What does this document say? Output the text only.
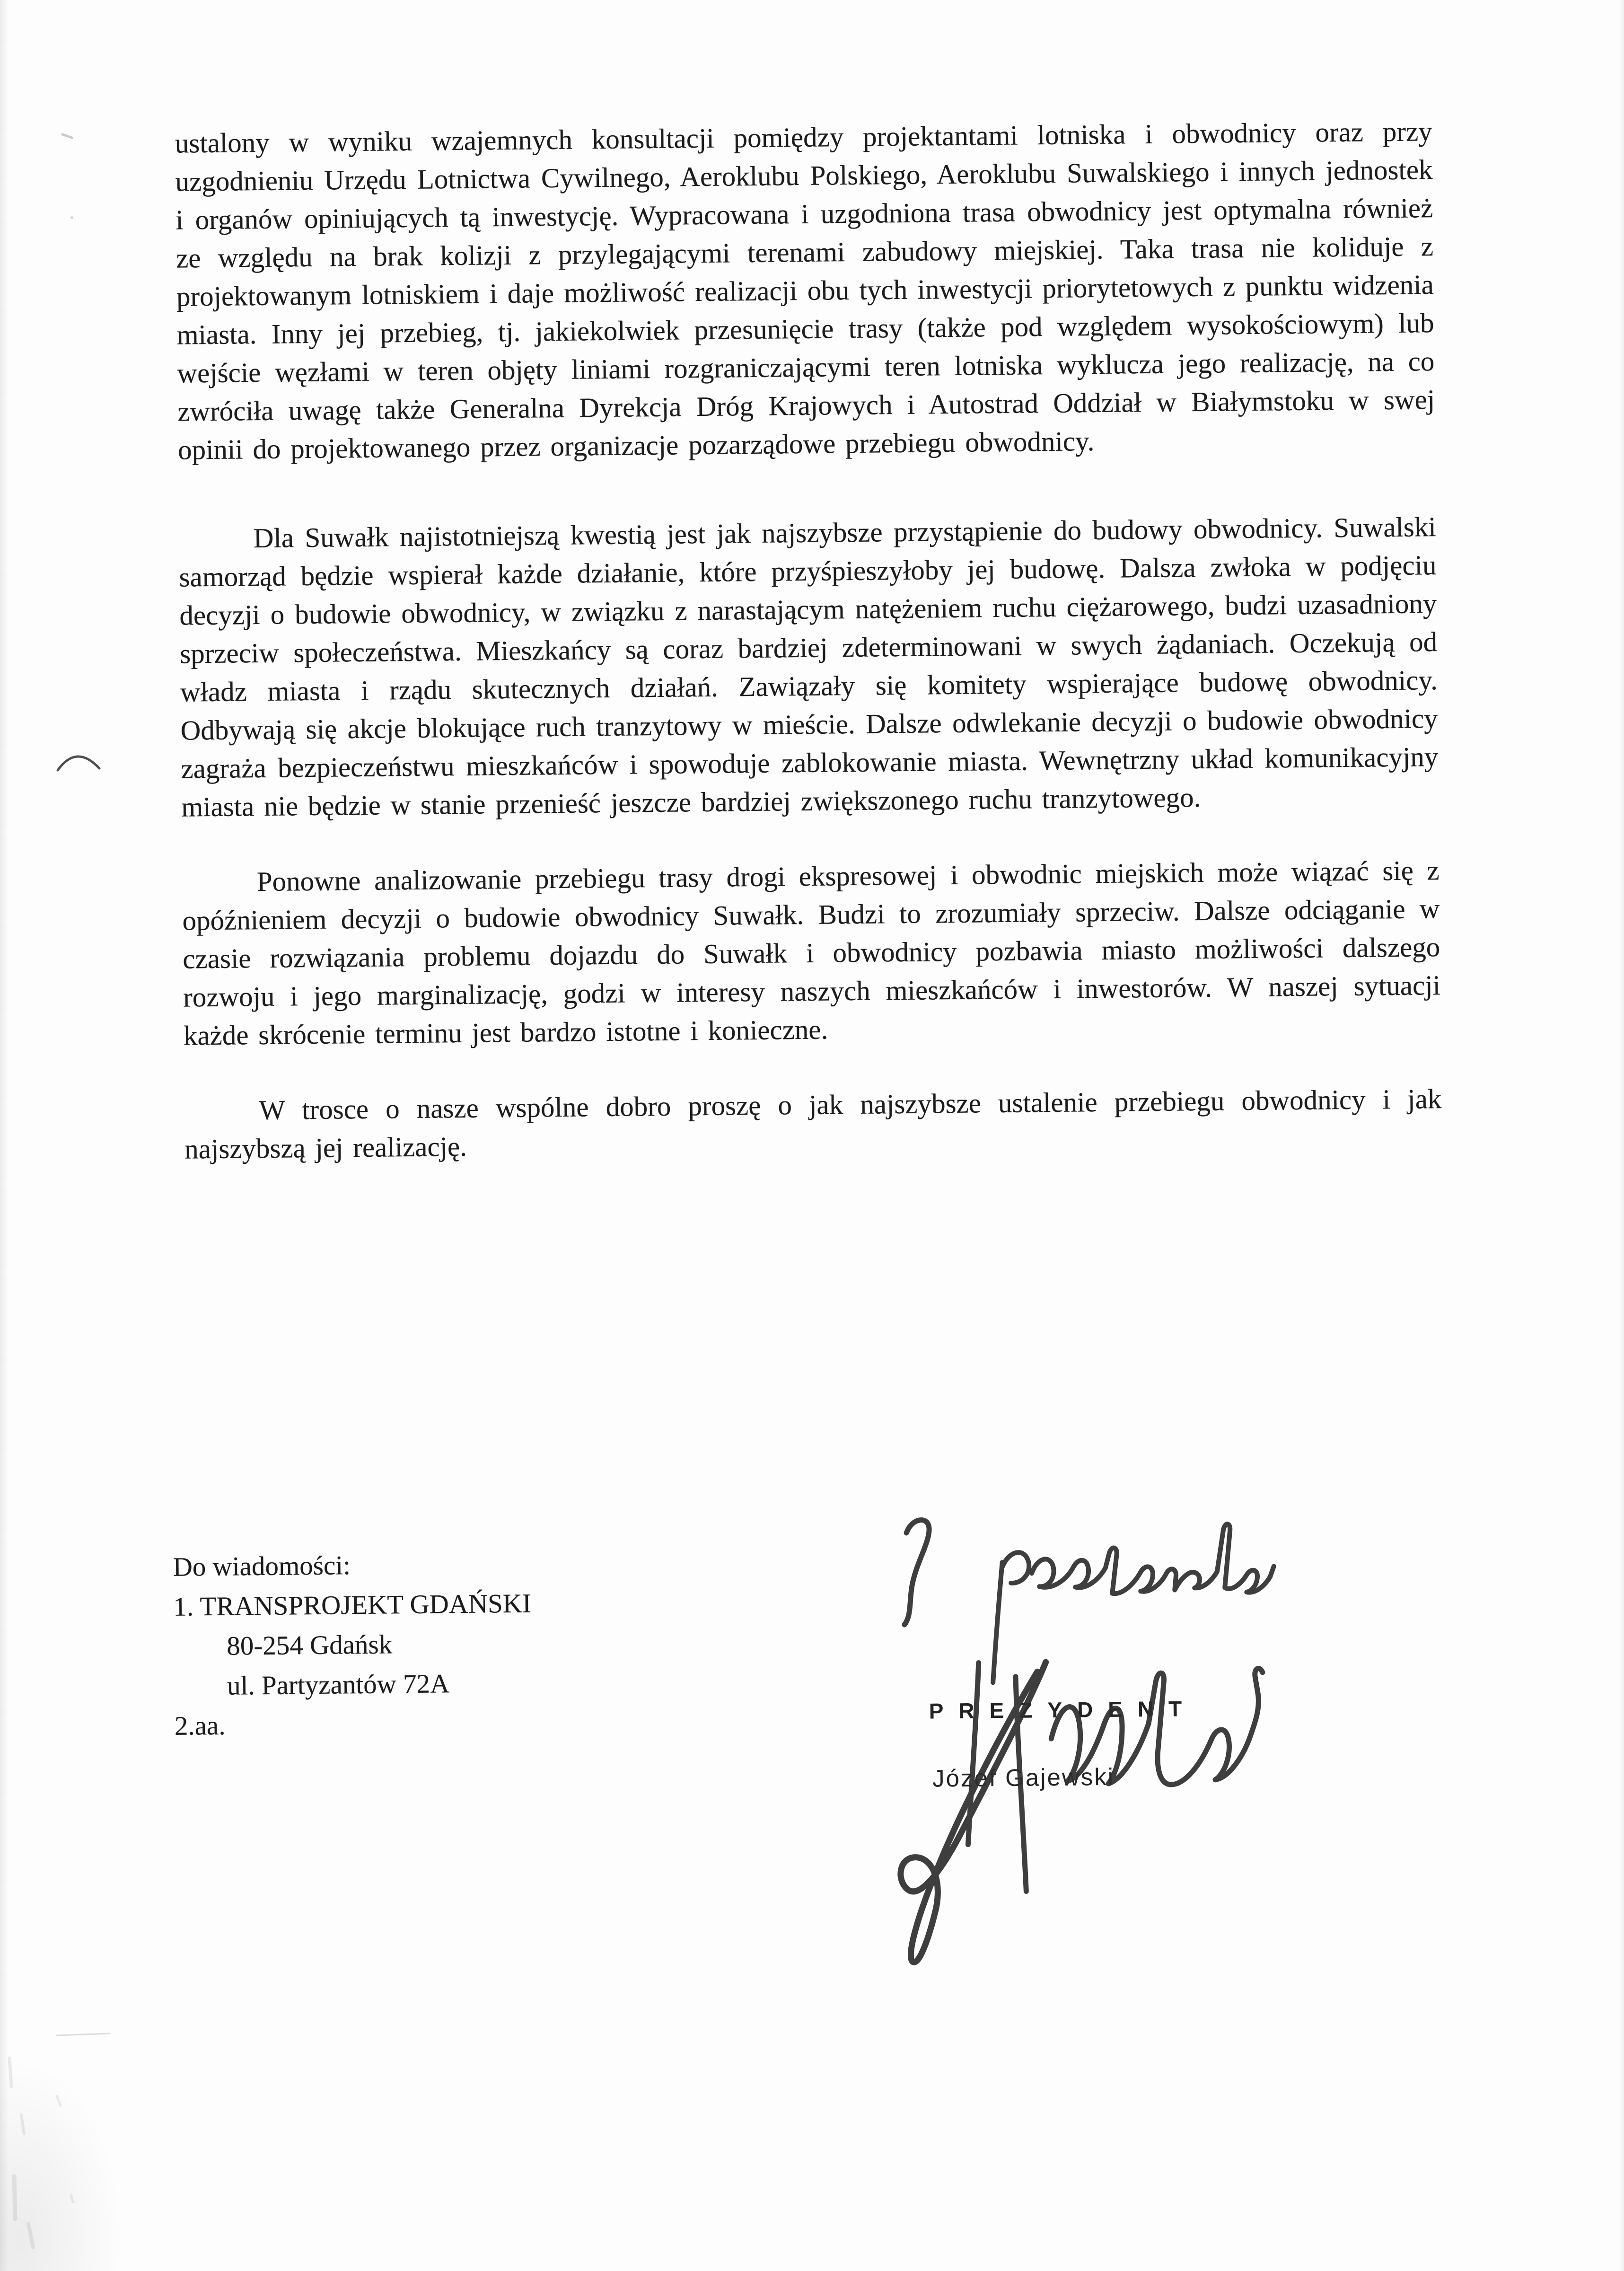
ustalony w wyniku wzajemnych konsultacji pomiędzy projektantami lotniska i obwodnicy oraz przy uzgodnieniu Urzędu Lotnictwa Cywilnego, Aeroklubu Polskiego, Aeroklubu Suwalskiego i innych jednostek i organów opiniujących tą inwestycję. Wypracowana i uzgodniona trasa obwodnicy jest optymalna również ze względu na brak kolizji z przylegającymi terenami zabudowy miejskiej. Taka trasa nie koliduje z projektowanym lotniskiem i daje możliwość realizacji obu tych inwestycji priorytetowych z punktu widzenia miasta. Inny jej przebieg, tj. jakiekolwiek przesunięcie trasy (także pod względem wysokościowym) lub wejście węzłami w teren objęty liniami rozgraniczającymi teren lotniska wyklucza jego realizację, na co zwróciła uwagę także Generalna Dyrekcja Dróg Krajowych i Autostrad Oddział w Białymstoku w swej opinii do projektowanego przez organizacje pozarządowe przebiegu obwodnicy.

Dla Suwałk najistotniejszą kwestią jest jak najszybsze przystąpienie do budowy obwodnicy. Suwalski samorząd będzie wspierał każde działanie, które przyśpieszyłoby jej budowę. Dalsza zwłoka w podjęciu decyzji o budowie obwodnicy, w związku z narastającym natężeniem ruchu ciężarowego, budzi uzasadniony sprzeciw społeczeństwa. Mieszkańcy są coraz bardziej zdeterminowani w swych żądaniach. Oczekują od władz miasta i rządu skutecznych działań. Zawiązały się komitety wspierające budowę obwodnicy. Odbywają się akcje blokujące ruch tranzytowy w mieście. Dalsze odwlekanie decyzji o budowie obwodnicy zagraża bezpieczeństwu mieszkańców i spowoduje zablokowanie miasta. Wewnętrzny układ komunikacyjny miasta nie będzie w stanie przenieść jeszcze bardziej zwiększonego ruchu tranzytowego.

Ponowne analizowanie przebiegu trasy drogi ekspresowej i obwodnic miejskich może wiązać się z opóźnieniem decyzji o budowie obwodnicy Suwałk. Budzi to zrozumiały sprzeciw. Dalsze odciąganie w czasie rozwiązania problemu dojazdu do Suwałk i obwodnicy pozbawia miasto możliwości dalszego rozwoju i jego marginalizację, godzi w interesy naszych mieszkańców i inwestorów. W naszej sytuacji każde skrócenie terminu jest bardzo istotne i konieczne.

W trosce o nasze wspólne dobro proszę o jak najszybsze ustalenie przebiegu obwodnicy i jak najszybszą jej realizację.

Do wiadomości:
1. TRANSPROJEKT GDAŃSKI
80-254 Gdańsk
ul. Partyzantów 72A
2.aa.
PREZYDENT
Józef Gajewski
